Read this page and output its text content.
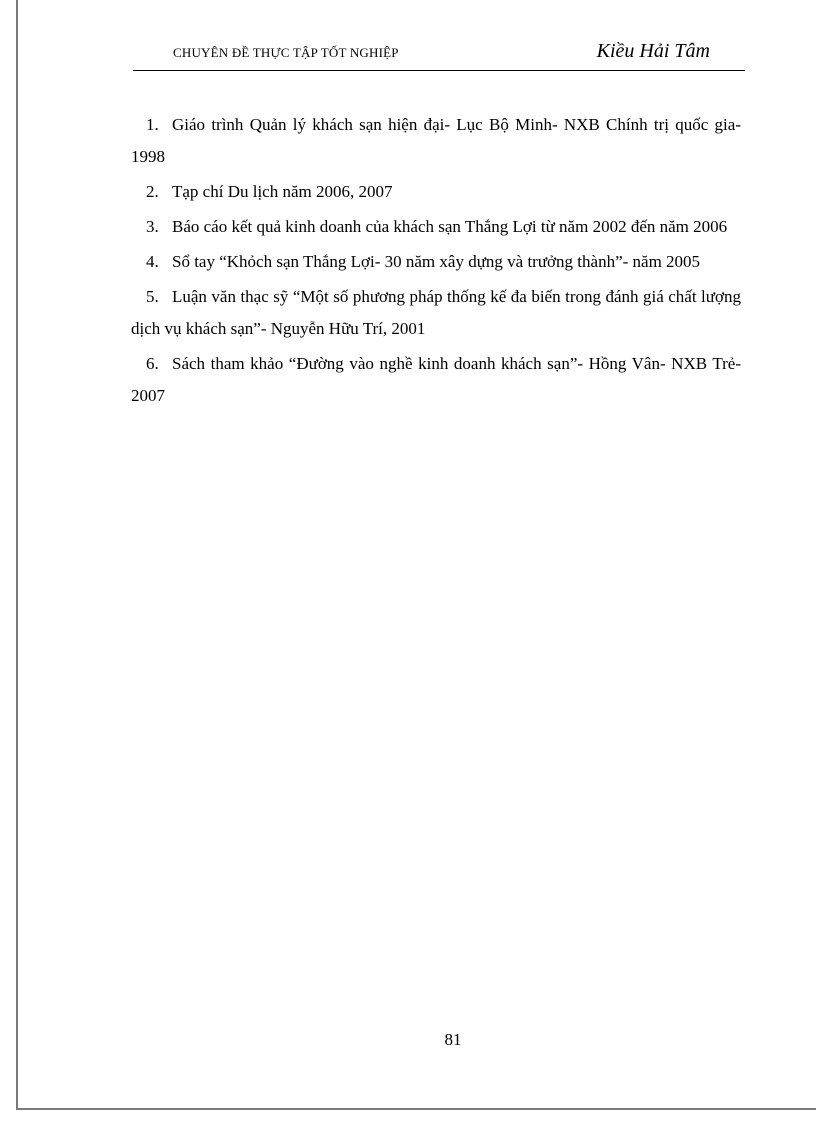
CHUYÊN ĐỀ THỰC TẬP TỐT NGHIỆP	Kiều Hải Tâm
1. Giáo trình Quản lý khách sạn hiện đại- Lục Bộ Minh- NXB Chính trị quốc gia- 1998
2. Tạp chí Du lịch năm 2006, 2007
3. Báo cáo kết quả kinh doanh của khách sạn Thắng Lợi từ năm 2002 đến năm 2006
4. Sổ tay “Khỏch sạn Thắng Lợi- 30 năm xây dựng và trưởng thành”- năm 2005
5. Luận văn thạc sỹ “Một số phương pháp thống kế đa biến trong đánh giá chất lượng dịch vụ khách sạn”- Nguyễn Hữu Trí, 2001
6. Sách tham khảo “Đường vào nghề kinh doanh khách sạn”- Hồng Vân- NXB Trẻ- 2007
81
